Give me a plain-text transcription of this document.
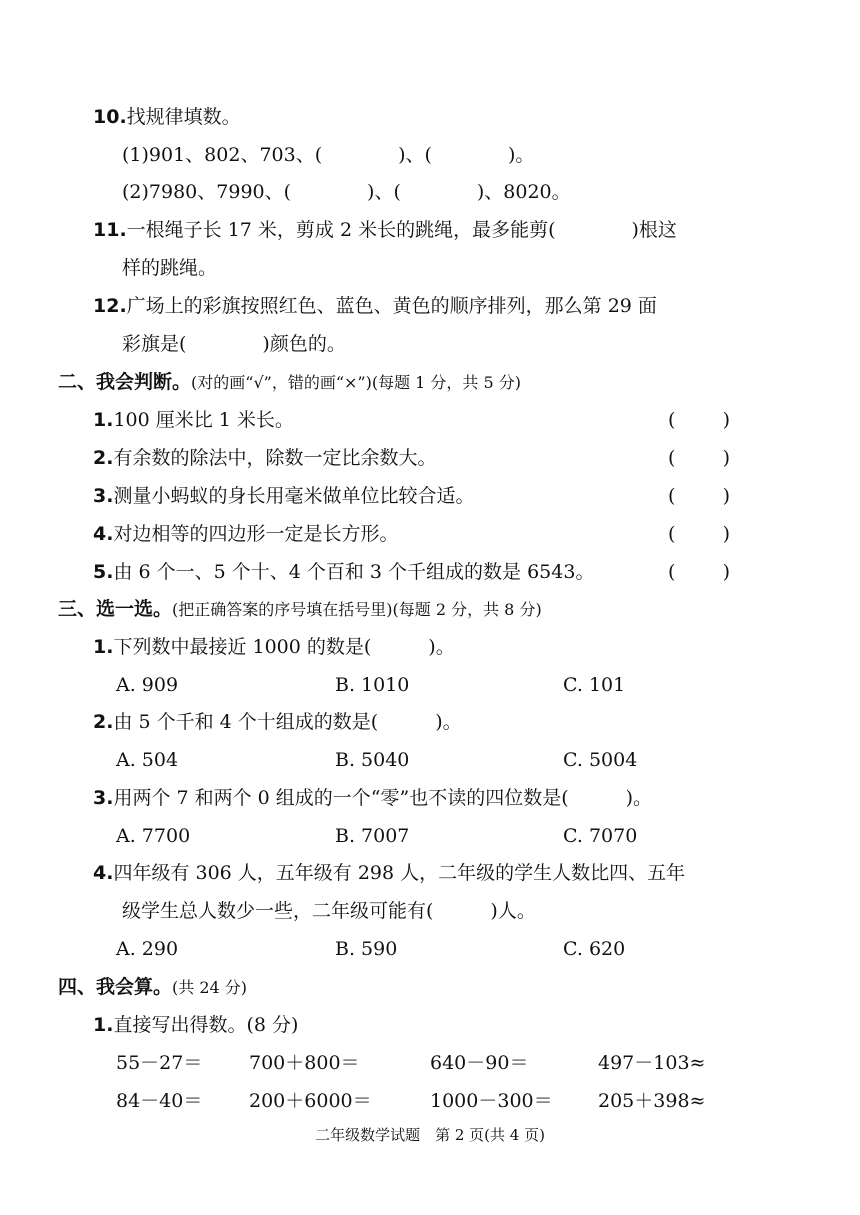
10.找规律填数。
(1)901、802、703、(　　　　)、(　　　　)。
(2)7980、7990、(　　　　)、(　　　　)、8020。
11.一根绳子长 17 米，剪成 2 米长的跳绳，最多能剪(　　　　)根这
样的跳绳。
12.广场上的彩旗按照红色、蓝色、黄色的顺序排列，那么第 29 面
彩旗是(　　　　)颜色的。
二、我会判断。(对的画“√”，错的画“×”)(每题 1 分，共 5 分)
1.100 厘米比 1 米长。	( )
2.有余数的除法中，除数一定比余数大。	( )
3.测量小蚂蚁的身长用毫米做单位比较合适。	( )
4.对边相等的四边形一定是长方形。	( )
5.由 6 个一、5 个十、4 个百和 3 个千组成的数是 6543。	( )
三、选一选。(把正确答案的序号填在括号里)(每题 2 分，共 8 分)
1.下列数中最接近 1000 的数是(　　　)。
A. 909	B. 1010	C. 101
2.由 5 个千和 4 个十组成的数是(　　　)。
A. 504	B. 5040	C. 5004
3.用两个 7 和两个 0 组成的一个“零”也不读的四位数是(　　　)。
A. 7700	B. 7007	C. 7070
4.四年级有 306 人，五年级有 298 人，二年级的学生人数比四、五年
级学生总人数少一些，二年级可能有(　　　)人。
A. 290	B. 590	C. 620
四、我会算。(共 24 分)
1.直接写出得数。(8 分)
55－27＝ 700＋800＝	640－90＝	497－103≈
84－40＝ 200＋6000＝	1000－300＝ 205＋398≈
二年级数学试题　第 2 页(共 4 页)
